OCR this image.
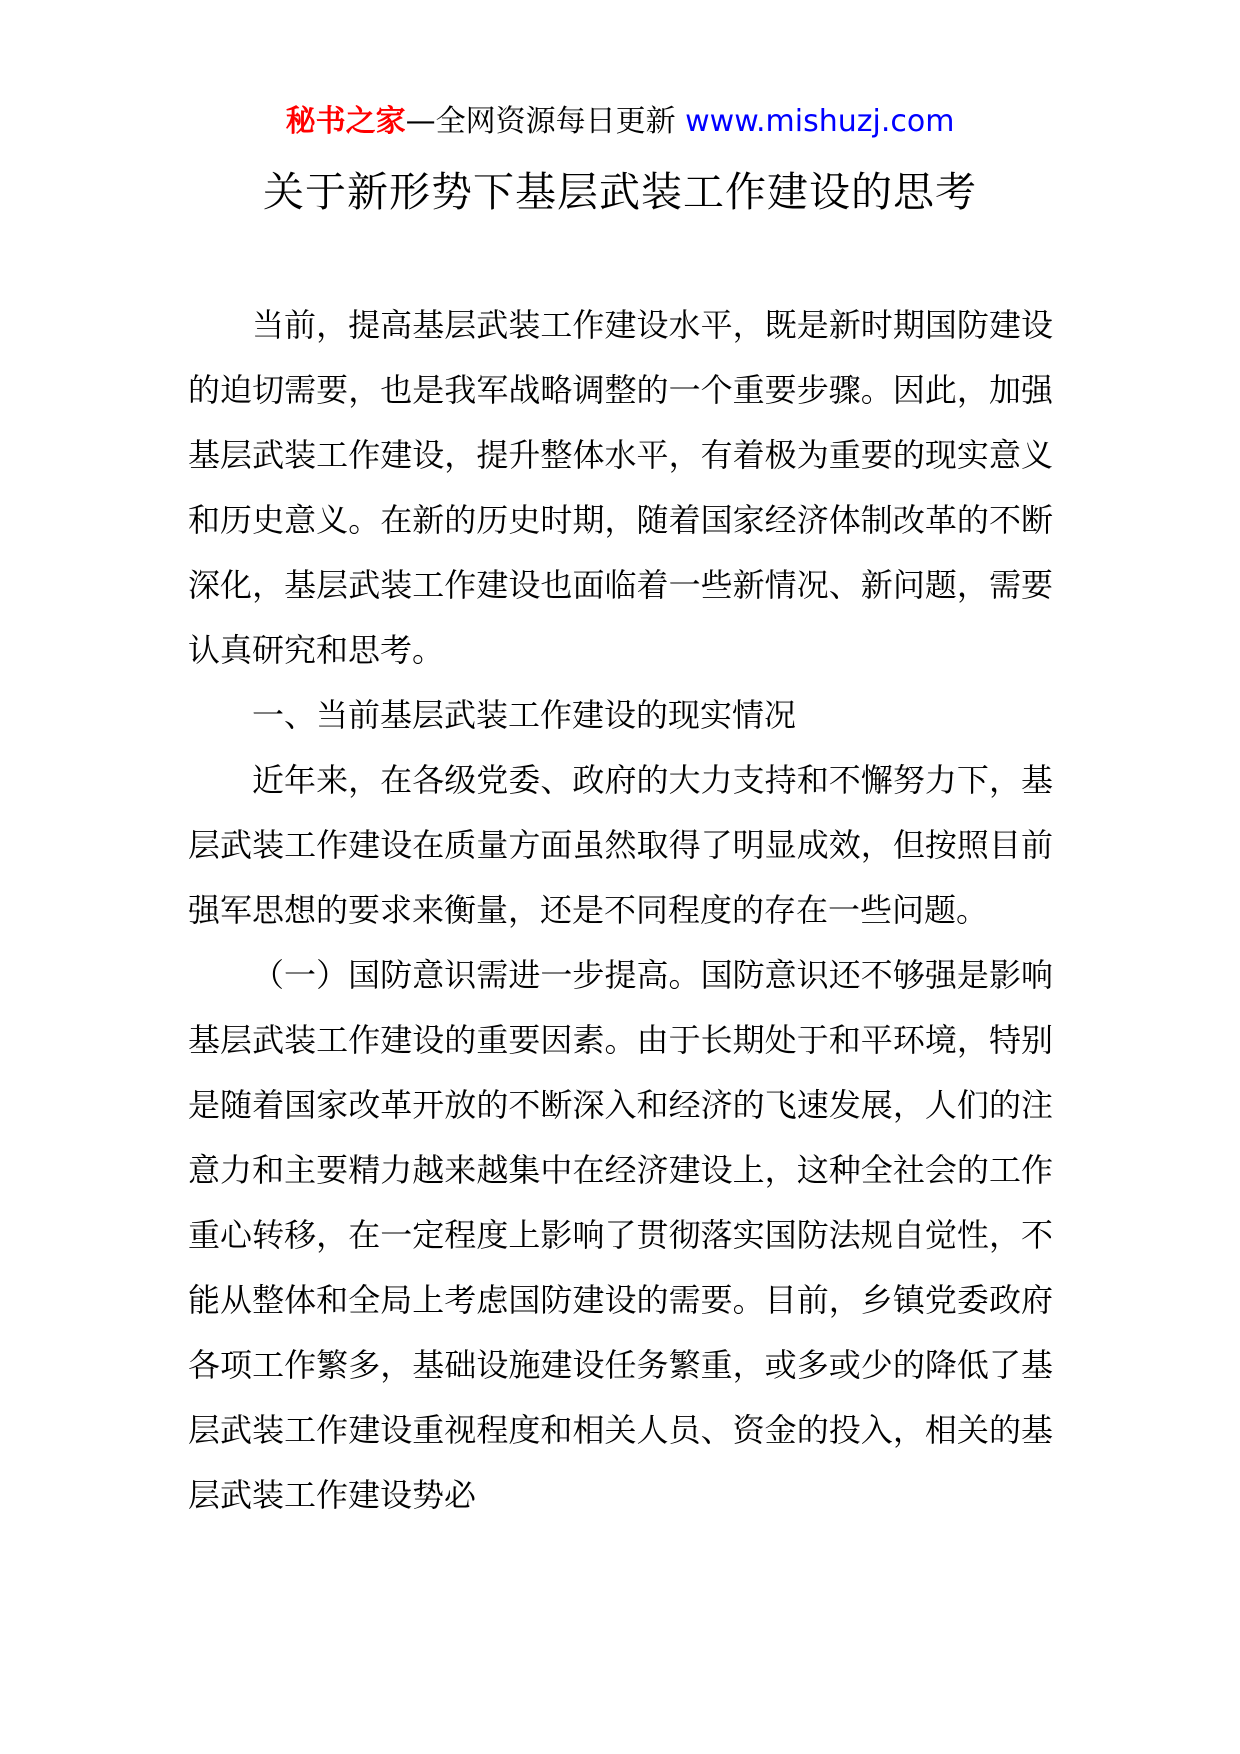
秘书之家—全网资源每日更新 www.mishuzj.com
关于新形势下基层武装工作建设的思考

当前，提高基层武装工作建设水平，既是新时期国防建设的迫切需要，也是我军战略调整的一个重要步骤。因此，加强基层武装工作建设，提升整体水平，有着极为重要的现实意义和历史意义。在新的历史时期，随着国家经济体制改革的不断深化，基层武装工作建设也面临着一些新情况、新问题，需要认真研究和思考。

一、当前基层武装工作建设的现实情况

近年来，在各级党委、政府的大力支持和不懈努力下，基层武装工作建设在质量方面虽然取得了明显成效，但按照目前强军思想的要求来衡量，还是不同程度的存在一些问题。

（一）国防意识需进一步提高。国防意识还不够强是影响基层武装工作建设的重要因素。由于长期处于和平环境，特别是随着国家改革开放的不断深入和经济的飞速发展，人们的注意力和主要精力越来越集中在经济建设上，这种全社会的工作重心转移，在一定程度上影响了贯彻落实国防法规自觉性，不能从整体和全局上考虑国防建设的需要。目前，乡镇党委政府各项工作繁多，基础设施建设任务繁重，或多或少的降低了基层武装工作建设重视程度和相关人员、资金的投入，相关的基层武装工作建设势必
